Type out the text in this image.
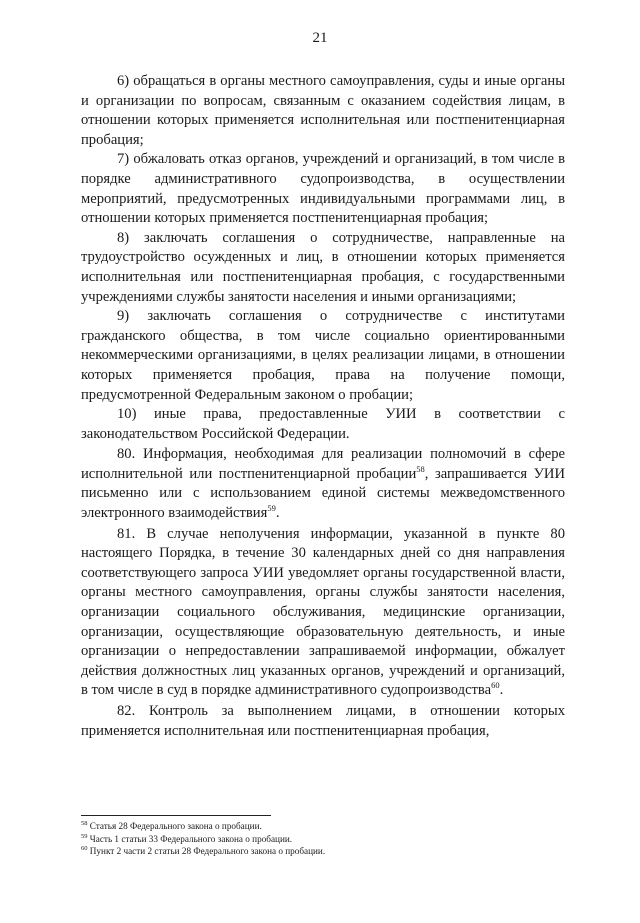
21

6) обращаться в органы местного самоуправления, суды и иные органы и организации по вопросам, связанным с оказанием содействия лицам, в отношении которых применяется исполнительная или постпенитенциарная пробация;

7) обжаловать отказ органов, учреждений и организаций, в том числе в порядке административного судопроизводства, в осуществлении мероприятий, предусмотренных индивидуальными программами лиц, в отношении которых применяется постпенитенциарная пробация;

8) заключать соглашения о сотрудничестве, направленные на трудоустройство осужденных и лиц, в отношении которых применяется исполнительная или постпенитенциарная пробация, с государственными учреждениями службы занятости населения и иными организациями;

9) заключать соглашения о сотрудничестве с институтами гражданского общества, в том числе социально ориентированными некоммерческими организациями, в целях реализации лицами, в отношении которых применяется пробация, права на получение помощи, предусмотренной Федеральным законом о пробации;

10) иные права, предоставленные УИИ в соответствии с законодательством Российской Федерации.

80. Информация, необходимая для реализации полномочий в сфере исполнительной или постпенитенциарной пробации$^{58}$, запрашивается УИИ письменно или с использованием единой системы межведомственного электронного взаимодействия$^{59}$.

81. В случае неполучения информации, указанной в пункте 80 настоящего Порядка, в течение 30 календарных дней со дня направления соответствующего запроса УИИ уведомляет органы государственной власти, органы местного самоуправления, органы службы занятости населения, организации социального обслуживания, медицинские организации, организации, осуществляющие образовательную деятельность, и иные организации о непредоставлении запрашиваемой информации, обжалует действия должностных лиц указанных органов, учреждений и организаций, в том числе в суд в порядке административного судопроизводства$^{60}$.

82. Контроль за выполнением лицами, в отношении которых применяется исполнительная или постпенитенциарная пробация,

$^{58}$ Статья 28 Федерального закона о пробации.

$^{59}$ Часть 1 статьи 33 Федерального закона о пробации.

$^{60}$ Пункт 2 части 2 статьи 28 Федерального закона о пробации.
